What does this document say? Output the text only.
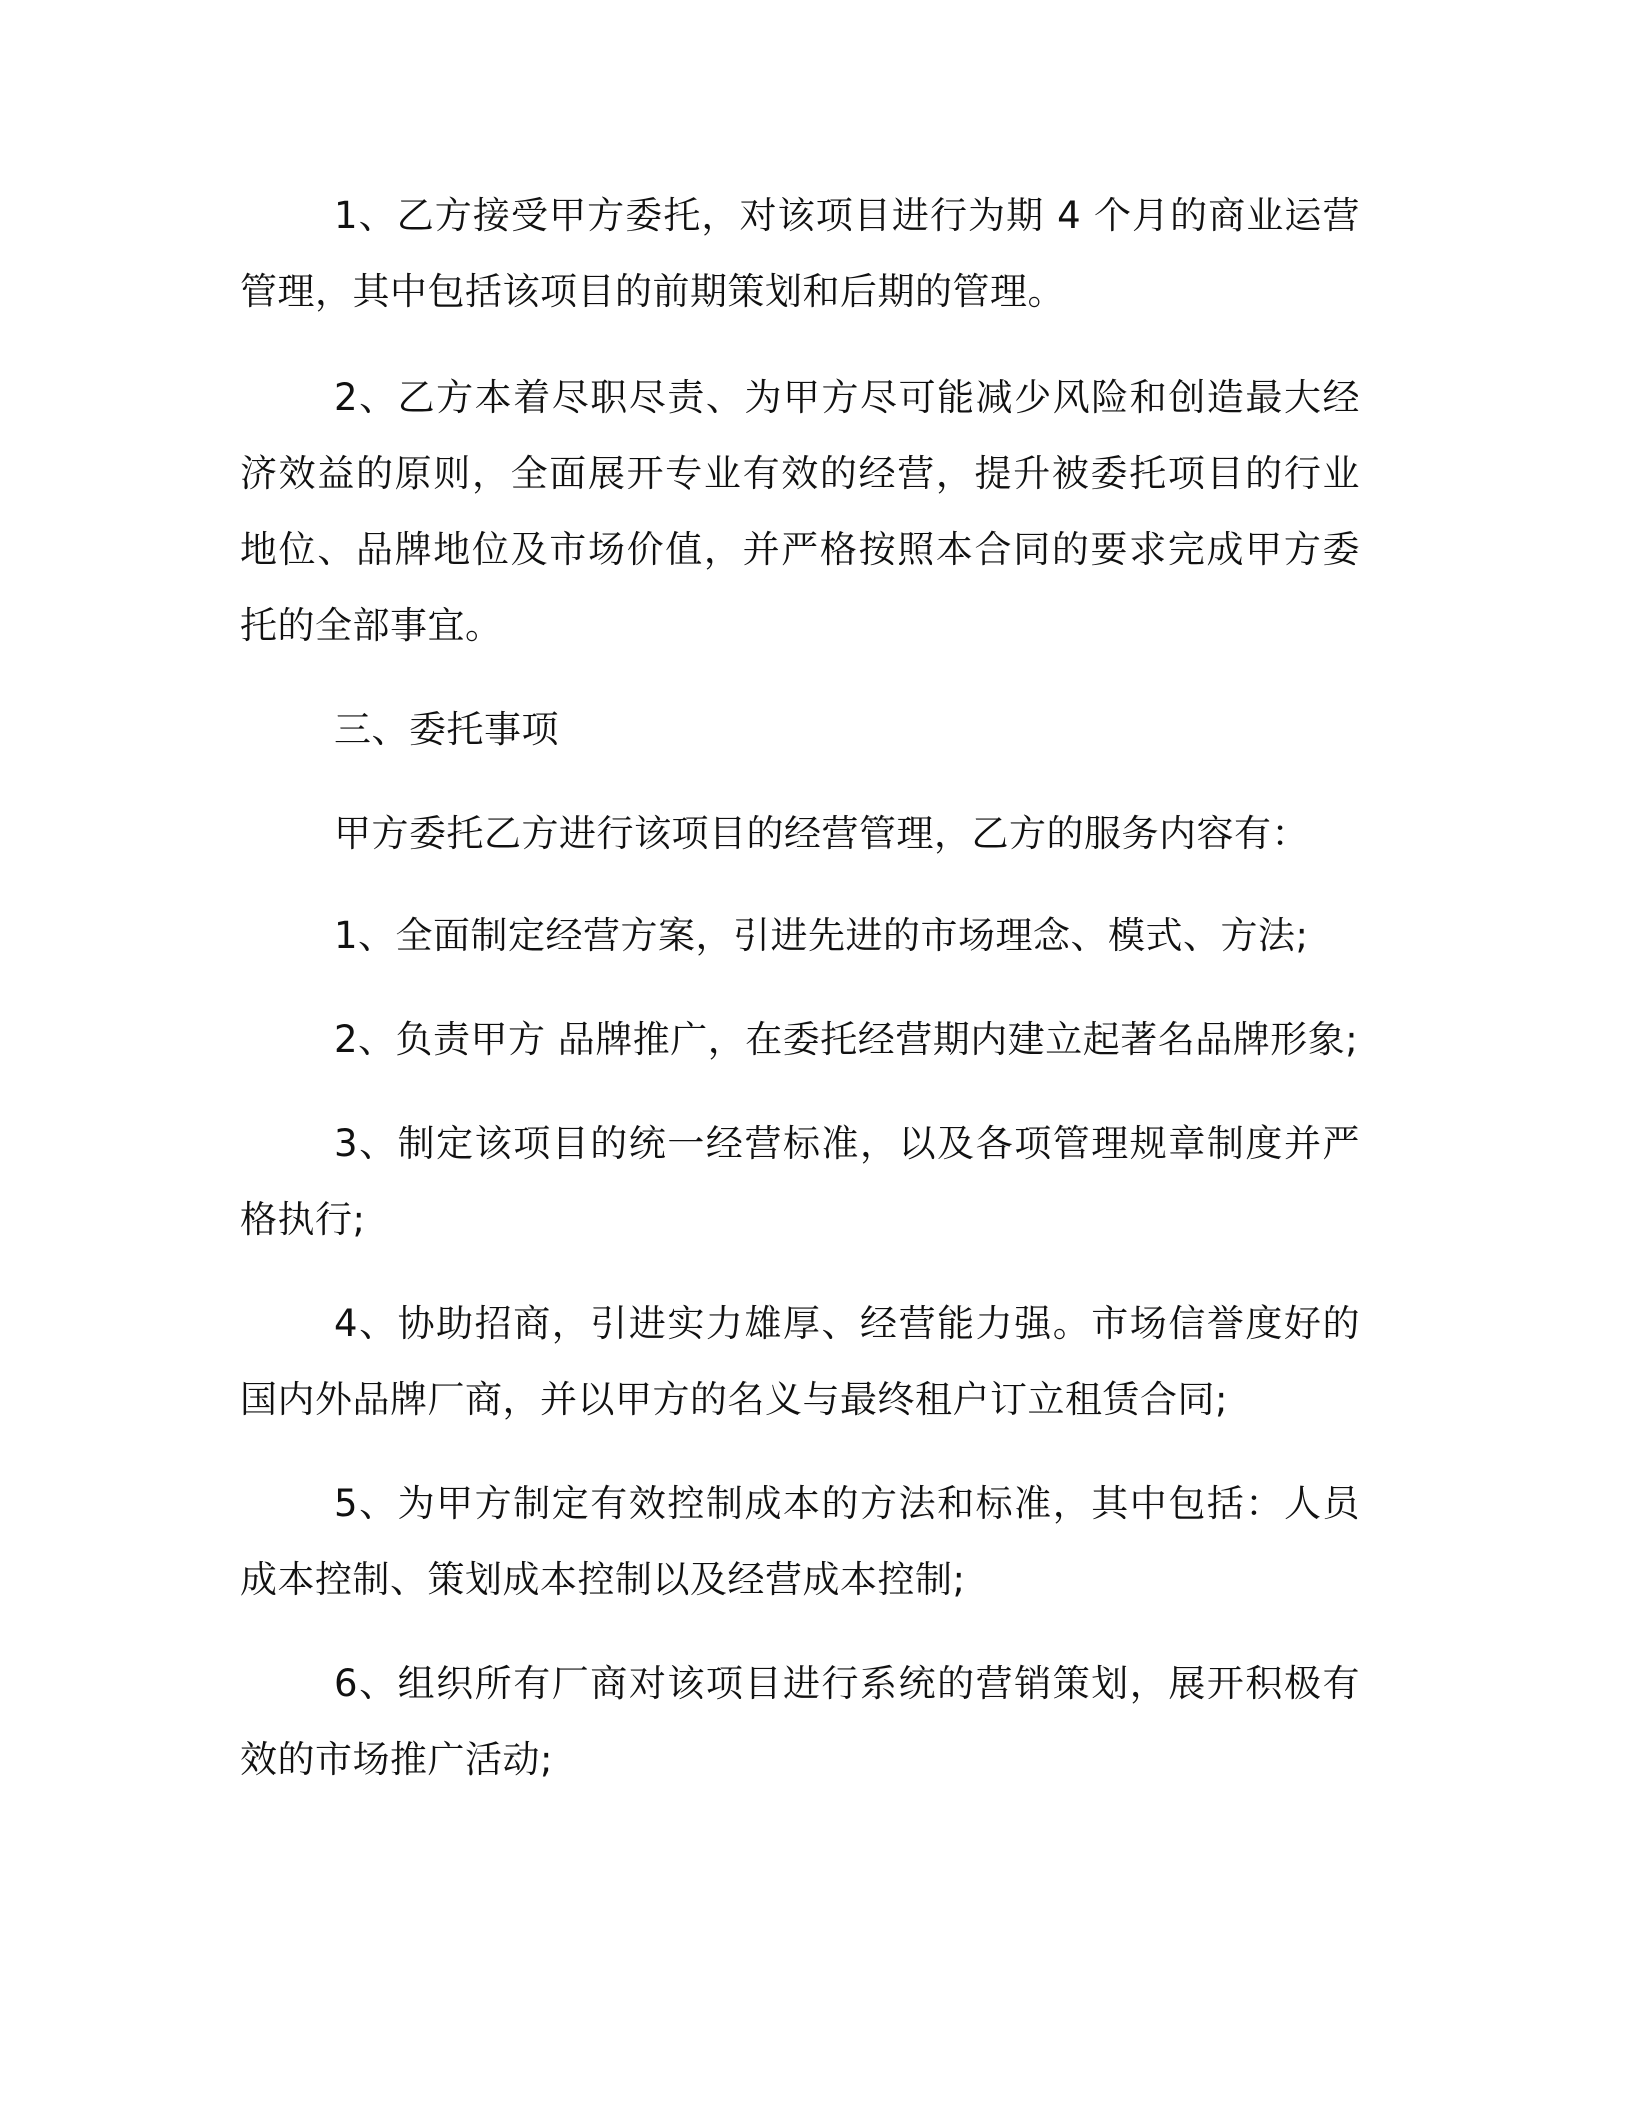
1、乙方接受甲方委托，对该项目进行为期 4 个月的商业运营管理，其中包括该项目的前期策划和后期的管理。

2、乙方本着尽职尽责、为甲方尽可能减少风险和创造最大经济效益的原则，全面展开专业有效的经营，提升被委托项目的行业地位、品牌地位及市场价值，并严格按照本合同的要求完成甲方委托的全部事宜。

三、委托事项

甲方委托乙方进行该项目的经营管理，乙方的服务内容有：

1、全面制定经营方案，引进先进的市场理念、模式、方法;

2、负责甲方 品牌推广，在委托经营期内建立起著名品牌形象;

3、制定该项目的统一经营标准，以及各项管理规章制度并严格执行;

4、协助招商，引进实力雄厚、经营能力强。市场信誉度好的国内外品牌厂商，并以甲方的名义与最终租户订立租赁合同;

5、为甲方制定有效控制成本的方法和标准，其中包括：人员成本控制、策划成本控制以及经营成本控制;

6、组织所有厂商对该项目进行系统的营销策划，展开积极有效的市场推广活动;
